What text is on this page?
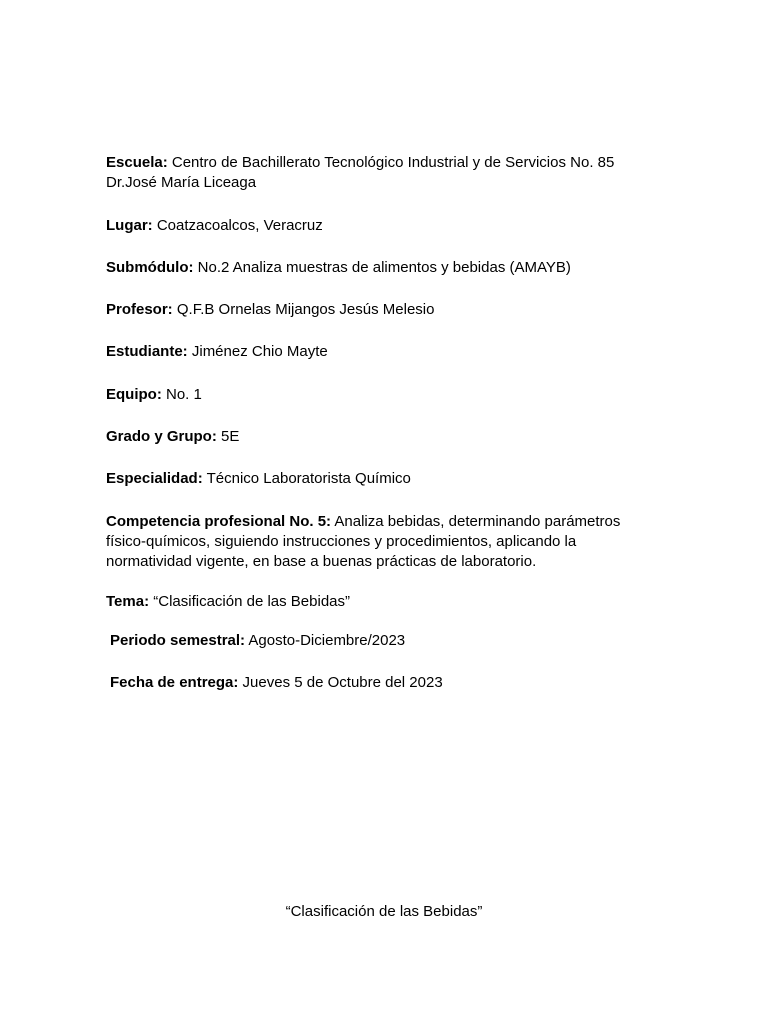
Escuela: Centro de Bachillerato Tecnológico Industrial y de Servicios No. 85 Dr.José María Liceaga

Lugar: Coatzacoalcos, Veracruz

Submódulo: No.2 Analiza muestras de alimentos y bebidas (AMAYB)

Profesor: Q.F.B Ornelas Mijangos Jesús Melesio

Estudiante: Jiménez Chio Mayte

Equipo: No. 1

Grado y Grupo: 5E

Especialidad: Técnico Laboratorista Químico

Competencia profesional No. 5: Analiza bebidas, determinando parámetros físico-químicos, siguiendo instrucciones y procedimientos, aplicando la normatividad vigente, en base a buenas prácticas de laboratorio.

Tema: “Clasificación de las Bebidas”

Periodo semestral: Agosto-Diciembre/2023

Fecha de entrega: Jueves 5 de Octubre del 2023

“Clasificación de las Bebidas”
